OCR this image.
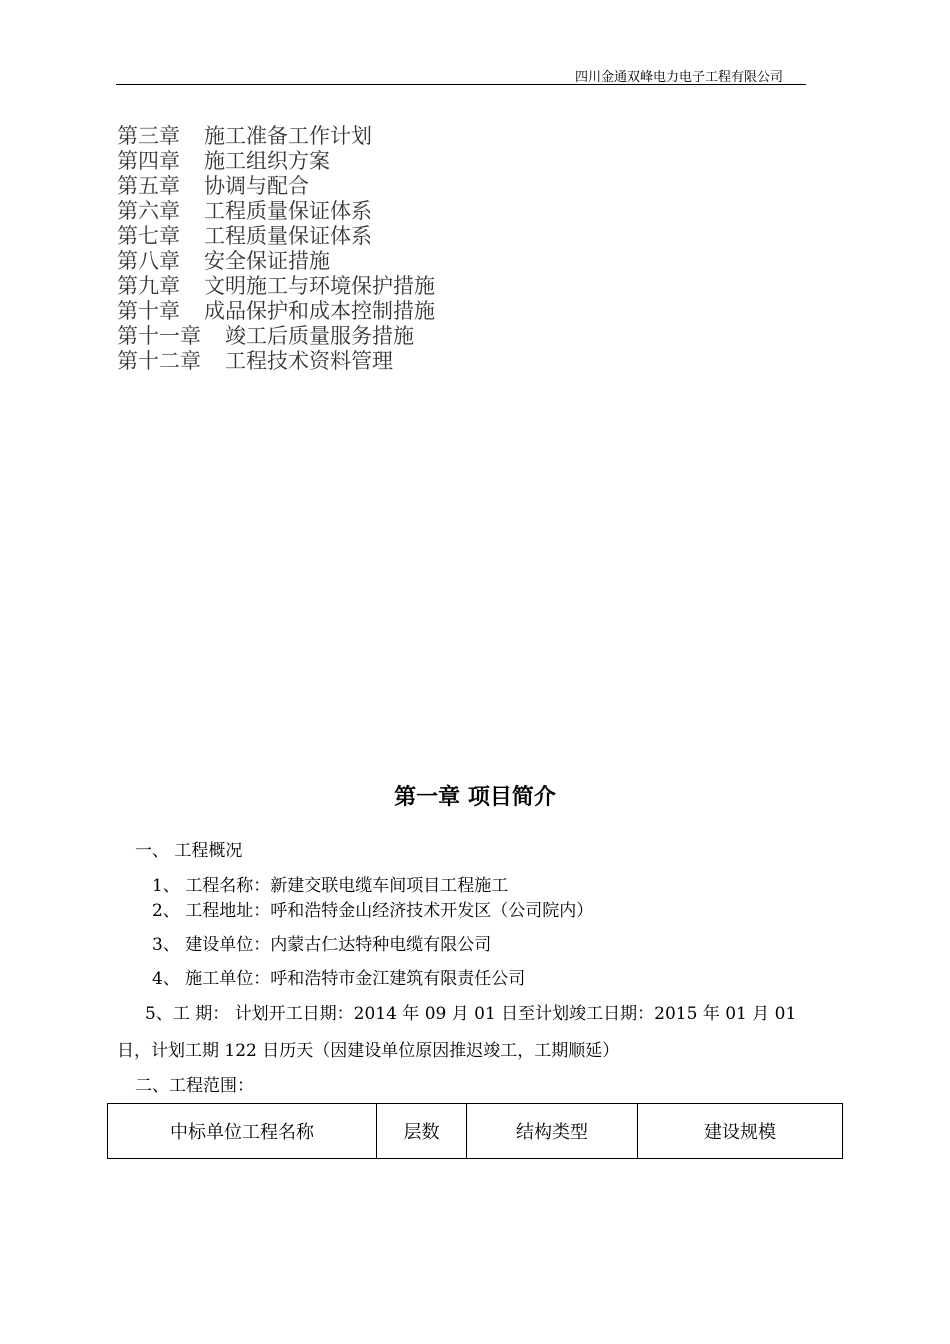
四川金通双峰电力电子工程有限公司
第三章 施工准备工作计划
第四章 施工组织方案
第五章 协调与配合
第六章 工程质量保证体系
第七章 工程质量保证体系
第八章 安全保证措施
第九章 文明施工与环境保护措施
第十章 成品保护和成本控制措施
第十一章 竣工后质量服务措施
第十二章 工程技术资料管理
第一章 项目简介
一、 工程概况
1、 工程名称：新建交联电缆车间项目工程施工
2、 工程地址：呼和浩特金山经济技术开发区（公司院内）
3、 建设单位：内蒙古仁达特种电缆有限公司
4、 施工单位：呼和浩特市金江建筑有限责任公司
5、工 期： 计划开工日期：2014 年 09 月 01 日至计划竣工日期：2015 年 01 月 01
日，计划工期 122 日历天（因建设单位原因推迟竣工，工期顺延）
二、工程范围：
中标单位工程名称	层数	结构类型	建设规模
